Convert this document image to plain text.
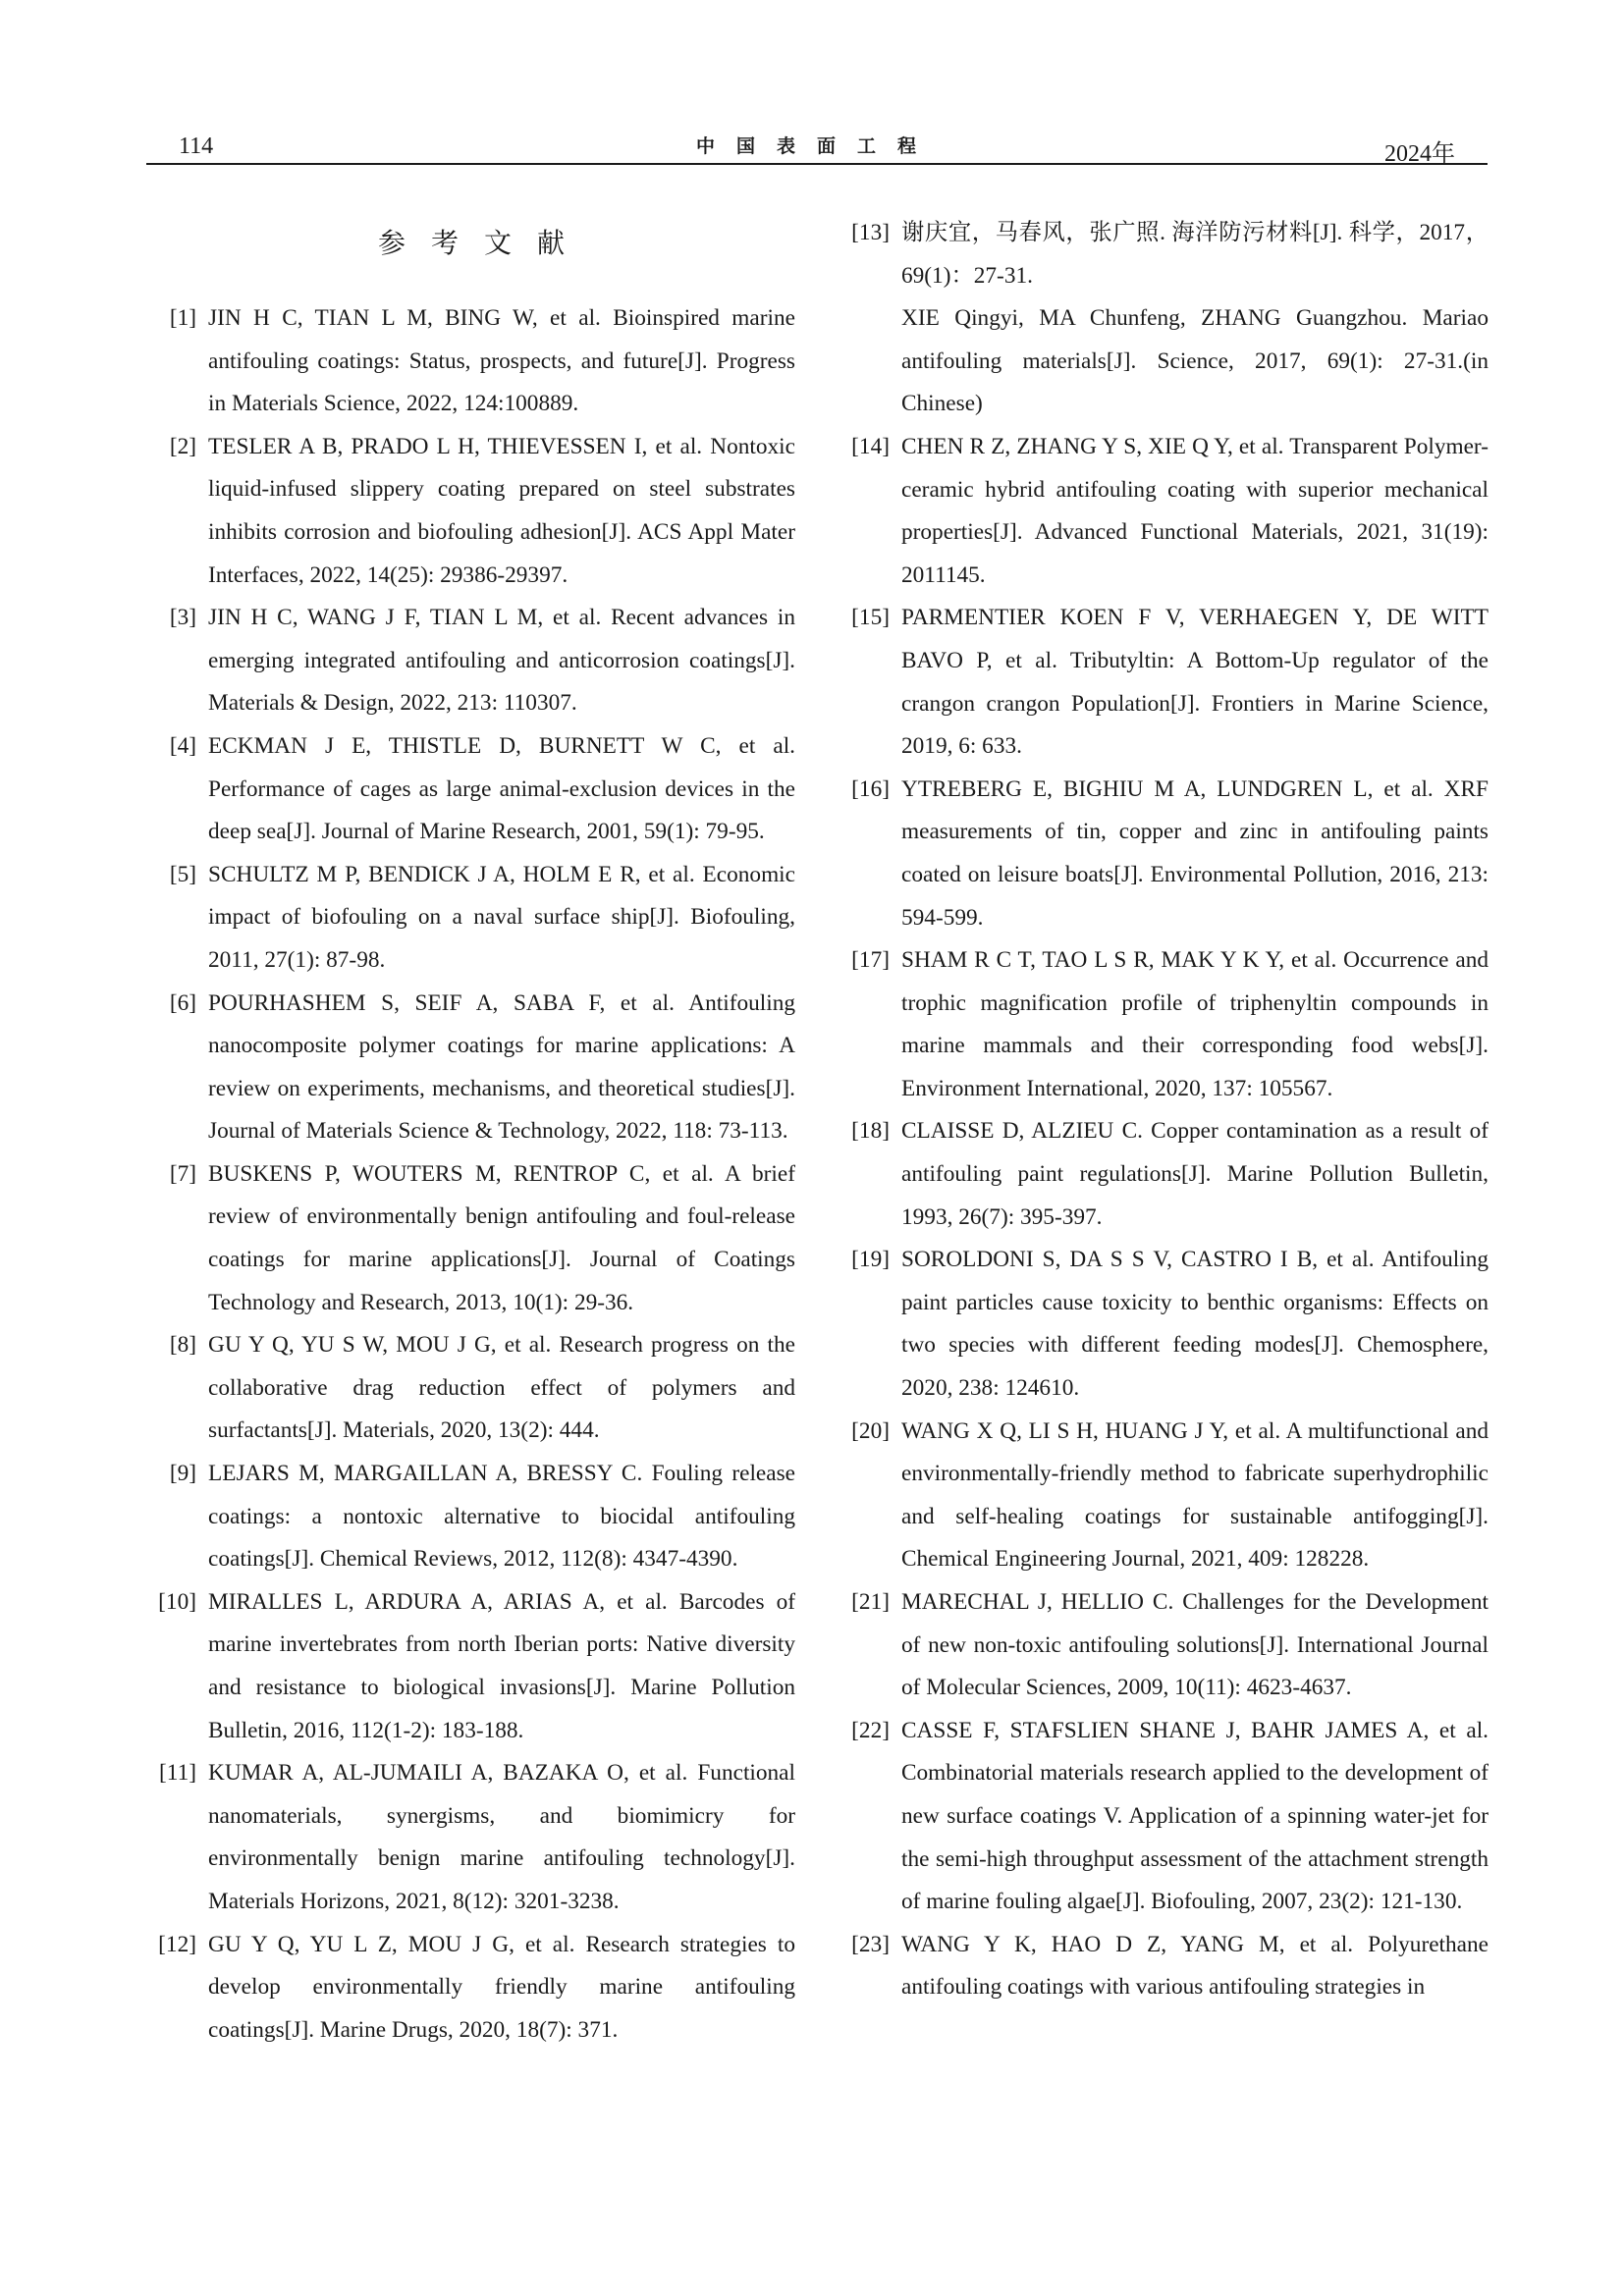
114	中国表面工程	2024年
参考文献
[1] JIN H C, TIAN L M, BING W, et al. Bioinspired marine antifouling coatings: Status, prospects, and future[J]. Progress in Materials Science, 2022, 124:100889.
[2] TESLER A B, PRADO L H, THIEVESSEN I, et al. Nontoxic liquid-infused slippery coating prepared on steel substrates inhibits corrosion and biofouling adhesion[J]. ACS Appl Mater Interfaces, 2022, 14(25): 29386-29397.
[3] JIN H C, WANG J F, TIAN L M, et al. Recent advances in emerging integrated antifouling and anticorrosion coatings[J]. Materials & Design, 2022, 213: 110307.
[4] ECKMAN J E, THISTLE D, BURNETT W C, et al. Performance of cages as large animal-exclusion devices in the deep sea[J]. Journal of Marine Research, 2001, 59(1): 79-95.
[5] SCHULTZ M P, BENDICK J A, HOLM E R, et al. Economic impact of biofouling on a naval surface ship[J]. Biofouling, 2011, 27(1): 87-98.
[6] POURHASHEM S, SEIF A, SABA F, et al. Antifouling nanocomposite polymer coatings for marine applications: A review on experiments, mechanisms, and theoretical studies[J]. Journal of Materials Science & Technology, 2022, 118: 73-113.
[7] BUSKENS P, WOUTERS M, RENTROP C, et al. A brief review of environmentally benign antifouling and foul-release coatings for marine applications[J]. Journal of Coatings Technology and Research, 2013, 10(1): 29-36.
[8] GU Y Q, YU S W, MOU J G, et al. Research progress on the collaborative drag reduction effect of polymers and surfactants[J]. Materials, 2020, 13(2): 444.
[9] LEJARS M, MARGAILLAN A, BRESSY C. Fouling release coatings: a nontoxic alternative to biocidal antifouling coatings[J]. Chemical Reviews, 2012, 112(8): 4347-4390.
[10] MIRALLES L, ARDURA A, ARIAS A, et al. Barcodes of marine invertebrates from north Iberian ports: Native diversity and resistance to biological invasions[J]. Marine Pollution Bulletin, 2016, 112(1-2): 183-188.
[11] KUMAR A, AL-JUMAILI A, BAZAKA O, et al. Functional nanomaterials, synergisms, and biomimicry for environmentally benign marine antifouling technology[J]. Materials Horizons, 2021, 8(12): 3201-3238.
[12] GU Y Q, YU L Z, MOU J G, et al. Research strategies to develop environmentally friendly marine antifouling coatings[J]. Marine Drugs, 2020, 18(7): 371.
[13] 谢庆宜，马春风，张广照. 海洋防污材料[J]. 科学，2017，69(1)：27-31.
XIE Qingyi, MA Chunfeng, ZHANG Guangzhou. Mariao antifouling materials[J]. Science, 2017, 69(1): 27-31.(in Chinese)
[14] CHEN R Z, ZHANG Y S, XIE Q Y, et al. Transparent Polymer-ceramic hybrid antifouling coating with superior mechanical properties[J]. Advanced Functional Materials, 2021, 31(19): 2011145.
[15] PARMENTIER KOEN F V, VERHAEGEN Y, DE WITT BAVO P, et al. Tributyltin: A Bottom-Up regulator of the crangon crangon Population[J]. Frontiers in Marine Science, 2019, 6: 633.
[16] YTREBERG E, BIGHIU M A, LUNDGREN L, et al. XRF measurements of tin, copper and zinc in antifouling paints coated on leisure boats[J]. Environmental Pollution, 2016, 213: 594-599.
[17] SHAM R C T, TAO L S R, MAK Y K Y, et al. Occurrence and trophic magnification profile of triphenyltin compounds in marine mammals and their corresponding food webs[J]. Environment International, 2020, 137: 105567.
[18] CLAISSE D, ALZIEU C. Copper contamination as a result of antifouling paint regulations[J]. Marine Pollution Bulletin, 1993, 26(7): 395-397.
[19] SOROLDONI S, DA S S V, CASTRO I B, et al. Antifouling paint particles cause toxicity to benthic organisms: Effects on two species with different feeding modes[J]. Chemosphere, 2020, 238: 124610.
[20] WANG X Q, LI S H, HUANG J Y, et al. A multifunctional and environmentally-friendly method to fabricate superhydrophilic and self-healing coatings for sustainable antifogging[J]. Chemical Engineering Journal, 2021, 409: 128228.
[21] MARECHAL J, HELLIO C. Challenges for the Development of new non-toxic antifouling solutions[J]. International Journal of Molecular Sciences, 2009, 10(11): 4623-4637.
[22] CASSE F, STAFSLIEN SHANE J, BAHR JAMES A, et al. Combinatorial materials research applied to the development of new surface coatings V. Application of a spinning water-jet for the semi-high throughput assessment of the attachment strength of marine fouling algae[J]. Biofouling, 2007, 23(2): 121-130.
[23] WANG Y K, HAO D Z, YANG M, et al. Polyurethane antifouling coatings with various antifouling strategies in
